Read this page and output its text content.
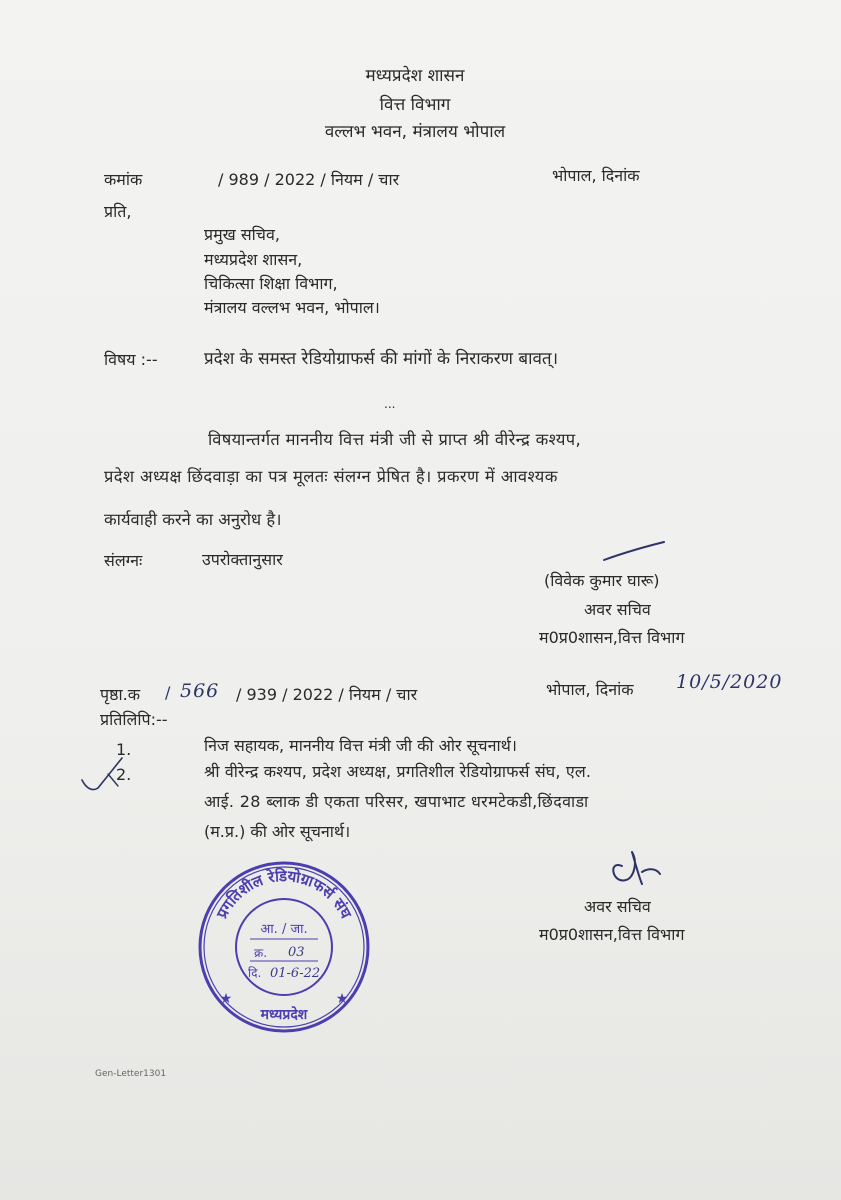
मध्यप्रदेश शासन
वित्त विभाग
वल्लभ भवन, मंत्रालय भोपाल
कमांक	/ 989 / 2022 / नियम / चार	भोपाल, दिनांक
प्रति,
प्रमुख सचिव,
मध्यप्रदेश शासन,
चिकित्सा शिक्षा विभाग,
मंत्रालय वल्लभ भवन, भोपाल।
विषय :--	प्रदेश के समस्त रेडियोग्राफर्स की मांगों के निराकरण बावत्।
...
विषयान्तर्गत माननीय वित्त मंत्री जी से प्राप्त श्री वीरेन्द्र कश्यप,
प्रदेश अध्यक्ष छिंदवाड़ा का पत्र मूलतः संलग्न प्रेषित है। प्रकरण में आवश्यक
कार्यवाही करने का अनुरोध है।
संलग्नः	उपरोक्तानुसार
(विवेक कुमार घारू)
अवर सचिव
म0प्र0शासन,वित्त विभाग
पृष्ठा.क / 566 / 939 / 2022 / नियम / चार	भोपाल, दिनांक 10/5/2020
प्रतिलिपि:--
1.	निज सहायक, माननीय वित्त मंत्री जी की ओर सूचनार्थ।
2.	श्री वीरेन्द्र कश्यप, प्रदेश अध्यक्ष, प्रगतिशील रेडियोग्राफर्स संघ, एल.
आई. 28 ब्लाक डी एकता परिसर, खपाभाट धरमटेकडी,छिंदवाडा
(म.प्र.) की ओर सूचनार्थ।
अवर सचिव
म0प्र0शासन,वित्त विभाग
प्रगतिशील रेडियोग्राफर्स संघ
मध्यप्रदेश
★	★
आ. / जा.
क्र. 03
दि. 01-6-22
Gen-Letter1301
